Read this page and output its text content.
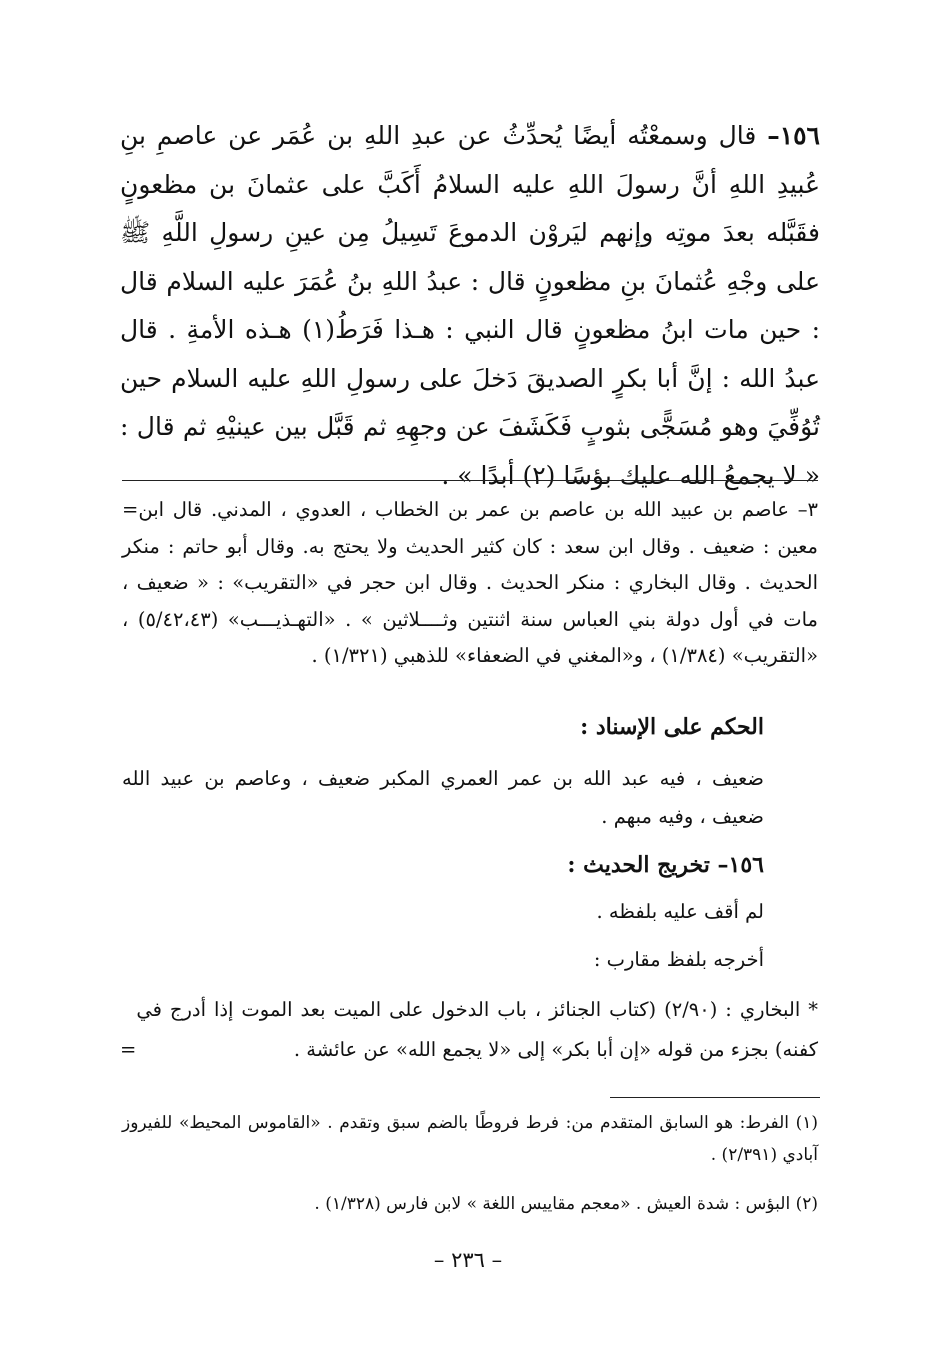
١٥٦– قال وسمعْتُه أيضًا يُحدِّثُ عن عبدِ اللهِ بن عُمَر عن عاصمِ بنِ عُبيدِ اللهِ أنَّ رسولَ اللهِ عليه السلامُ أَكَبَّ على عثمانَ بن مظعونٍ فقَبَّله بعدَ موتِه وإنهم ليَروْن الدموعَ تَسِيلُ مِن عينِ رسولِ اللَّهِ ﷺ على وجْهِ عُثمانَ بنِ مظعونٍ قال : عبدُ اللهِ بنُ عُمَرَ عليه السلام قال : حين مات ابنُ مظعونٍ قال النبي : هـذا فَرَطُ(١) هـذه الأمةِ . قال عبدُ الله : إنَّ أبا بكرٍ الصديقَ دَخلَ على رسولِ اللهِ عليه السلام حين تُوُفِّيَ وهو مُسَجًّى بثوبٍ فَكَشَفَ عن وجهِهِ ثم قَبَّل بين عينيْهِ ثم قال : « لا يجمعُ الله عليك بؤسًا (٢) أبدًا » .
= ٣– عاصم بن عبيد الله بن عاصم بن عمر بن الخطاب ، العدوي ، المدني. قال ابن معين : ضعيف . وقال ابن سعد : كان كثير الحديث ولا يحتج به. وقال أبو حاتم : منكر الحديث . وقال البخاري : منكر الحديث . وقال ابن حجر في «التقريب» : « ضعيف ، مات في أول دولة بني العباس سنة اثنتين وثــــلاثين » . «التهـذيـــب» (٥/٤٢،٤٣) ، «التقريب» (١/٣٨٤) ، و«المغني في الضعفاء» للذهبي (١/٣٢١) .
الحكم على الإسناد :
ضعيف ، فيه عبد الله بن عمر العمري المكبر ضعيف ، وعاصم بن عبيد الله ضعيف ، وفيه مبهم .
١٥٦– تخريج الحديث :
لم أقف عليه بلفظه .
أخرجه بلفظ مقارب :
=
* البخاري : (٢/٩٠) (كتاب الجنائز ، باب الدخول على الميت بعد الموت إذا أدرج في كفنه) بجزء من قوله «إن أبا بكر» إلى «لا يجمع الله» عن عائشة .
(١) الفرط: هو السابق المتقدم من: فرط فروطًا بالضم سبق وتقدم . «القاموس المحيط» للفيروز آبادي (٢/٣٩١) .
(٢) البؤس : شدة العيش . «معجم مقاييس اللغة » لابن فارس (١/٣٢٨) .
– ٢٣٦ –
